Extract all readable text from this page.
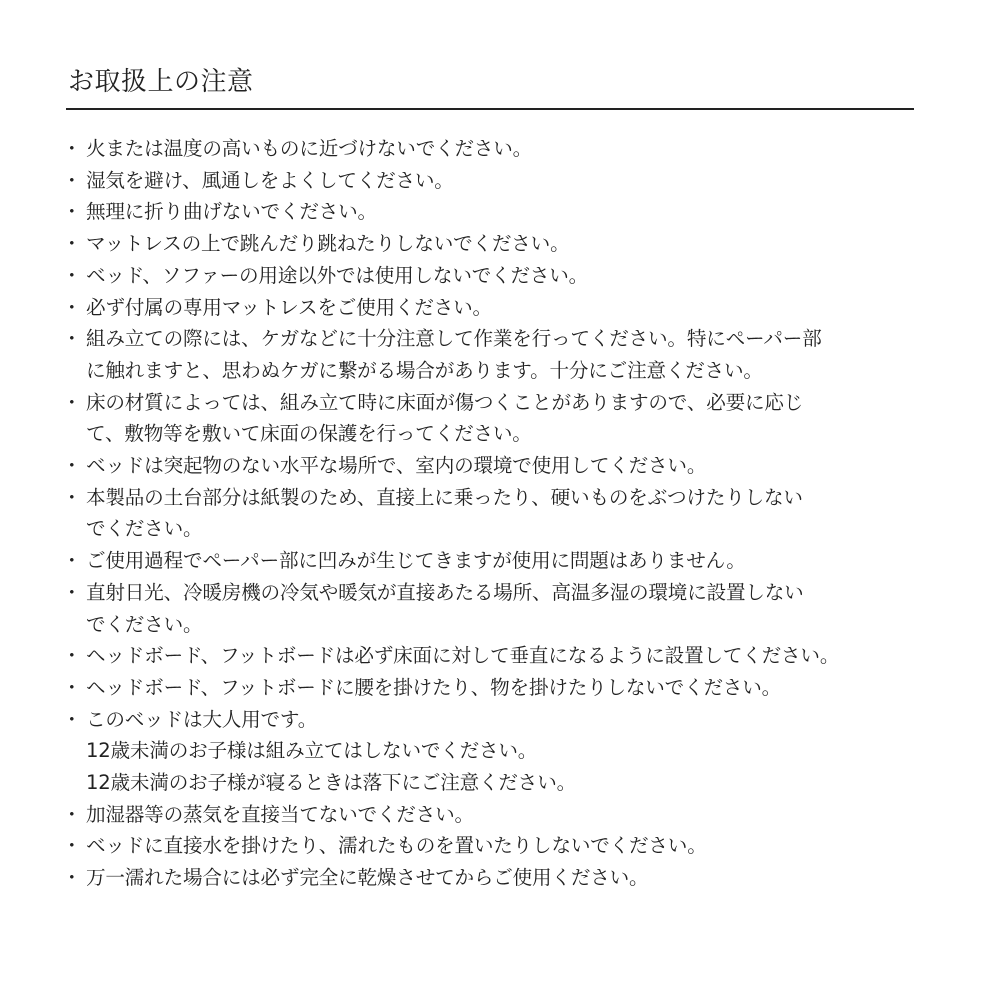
お取扱上の注意
・ 火または温度の高いものに近づけないでください。
・ 湿気を避け、風通しをよくしてください。
・ 無理に折り曲げないでください。
・ マットレスの上で跳んだり跳ねたりしないでください。
・ ベッド、ソファーの用途以外では使用しないでください。
・ 必ず付属の専用マットレスをご使用ください。
・ 組み立ての際には、ケガなどに十分注意して作業を行ってください。特にペーパー部
に触れますと、思わぬケガに繋がる場合があります。十分にご注意ください。
・ 床の材質によっては、組み立て時に床面が傷つくことがありますので、必要に応じ
て、敷物等を敷いて床面の保護を行ってください。
・ ベッドは突起物のない水平な場所で、室内の環境で使用してください。
・ 本製品の土台部分は紙製のため、直接上に乗ったり、硬いものをぶつけたりしない
でください。
・ ご使用過程でペーパー部に凹みが生じてきますが使用に問題はありません。
・ 直射日光、冷暖房機の冷気や暖気が直接あたる場所、高温多湿の環境に設置しない
でください。
・ ヘッドボード、フットボードは必ず床面に対して垂直になるように設置してください。
・ ヘッドボード、フットボードに腰を掛けたり、物を掛けたりしないでください。
・ このベッドは大人用です。
12歳未満のお子様は組み立てはしないでください。
12歳未満のお子様が寝るときは落下にご注意ください。
・ 加湿器等の蒸気を直接当てないでください。
・ ベッドに直接水を掛けたり、濡れたものを置いたりしないでください。
・ 万一濡れた場合には必ず完全に乾燥させてからご使用ください。
